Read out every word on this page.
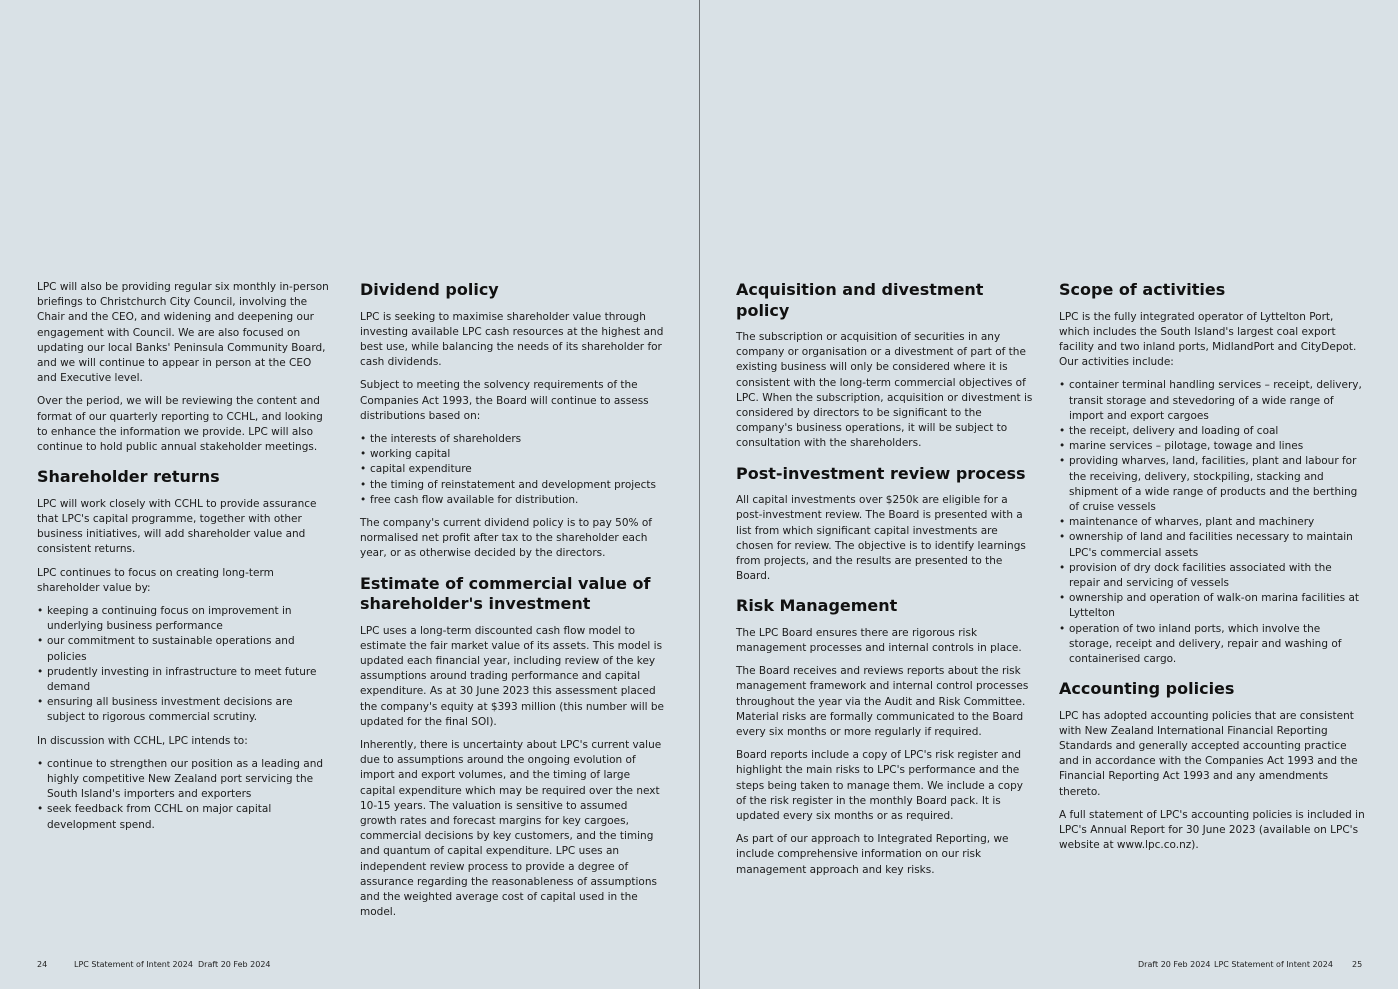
LPC will also be providing regular six monthly in-person briefings to Christchurch City Council, involving the Chair and the CEO, and widening and deepening our engagement with Council. We are also focused on updating our local Banks' Peninsula Community Board, and we will continue to appear in person at the CEO and Executive level.

Over the period, we will be reviewing the content and format of our quarterly reporting to CCHL, and looking to enhance the information we provide. LPC will also continue to hold public annual stakeholder meetings.

Shareholder returns

LPC will work closely with CCHL to provide assurance that LPC's capital programme, together with other business initiatives, will add shareholder value and consistent returns.

LPC continues to focus on creating long-term shareholder value by:

• keeping a continuing focus on improvement in underlying business performance
• our commitment to sustainable operations and policies
• prudently investing in infrastructure to meet future demand
• ensuring all business investment decisions are subject to rigorous commercial scrutiny.

In discussion with CCHL, LPC intends to:

• continue to strengthen our position as a leading and highly competitive New Zealand port servicing the South Island's importers and exporters
• seek feedback from CCHL on major capital development spend.
Dividend policy

LPC is seeking to maximise shareholder value through investing available LPC cash resources at the highest and best use, while balancing the needs of its shareholder for cash dividends.

Subject to meeting the solvency requirements of the Companies Act 1993, the Board will continue to assess distributions based on:

• the interests of shareholders
• working capital
• capital expenditure
• the timing of reinstatement and development projects
• free cash flow available for distribution.

The company's current dividend policy is to pay 50% of normalised net profit after tax to the shareholder each year, or as otherwise decided by the directors.

Estimate of commercial value of shareholder's investment

LPC uses a long-term discounted cash flow model to estimate the fair market value of its assets. This model is updated each financial year, including review of the key assumptions around trading performance and capital expenditure. As at 30 June 2023 this assessment placed the company's equity at $393 million (this number will be updated for the final SOI).

Inherently, there is uncertainty about LPC's current value due to assumptions around the ongoing evolution of import and export volumes, and the timing of large capital expenditure which may be required over the next 10-15 years. The valuation is sensitive to assumed growth rates and forecast margins for key cargoes, commercial decisions by key customers, and the timing and quantum of capital expenditure. LPC uses an independent review process to provide a degree of assurance regarding the reasonableness of assumptions and the weighted average cost of capital used in the model.

24	LPC Statement of Intent 2024 Draft 20 Feb 2024
Acquisition and divestment policy

The subscription or acquisition of securities in any company or organisation or a divestment of part of the existing business will only be considered where it is consistent with the long-term commercial objectives of LPC. When the subscription, acquisition or divestment is considered by directors to be significant to the company's business operations, it will be subject to consultation with the shareholders.

Post-investment review process

All capital investments over $250k are eligible for a post-investment review. The Board is presented with a list from which significant capital investments are chosen for review. The objective is to identify learnings from projects, and the results are presented to the Board.

Risk Management

The LPC Board ensures there are rigorous risk management processes and internal controls in place.

The Board receives and reviews reports about the risk management framework and internal control processes throughout the year via the Audit and Risk Committee. Material risks are formally communicated to the Board every six months or more regularly if required.

Board reports include a copy of LPC's risk register and highlight the main risks to LPC's performance and the steps being taken to manage them. We include a copy of the risk register in the monthly Board pack. It is updated every six months or as required.

As part of our approach to Integrated Reporting, we include comprehensive information on our risk management approach and key risks.

Scope of activities

LPC is the fully integrated operator of Lyttelton Port, which includes the South Island's largest coal export facility and two inland ports, MidlandPort and CityDepot. Our activities include:

• container terminal handling services – receipt, delivery, transit storage and stevedoring of a wide range of import and export cargoes
• the receipt, delivery and loading of coal
• marine services – pilotage, towage and lines
• providing wharves, land, facilities, plant and labour for the receiving, delivery, stockpiling, stacking and shipment of a wide range of products and the berthing of cruise vessels
• maintenance of wharves, plant and machinery
• ownership of land and facilities necessary to maintain LPC's commercial assets
• provision of dry dock facilities associated with the repair and servicing of vessels
• ownership and operation of walk-on marina facilities at Lyttelton
• operation of two inland ports, which involve the storage, receipt and delivery, repair and washing of containerised cargo.
Accounting policies

LPC has adopted accounting policies that are consistent with New Zealand International Financial Reporting Standards and generally accepted accounting practice and in accordance with the Companies Act 1993 and the Financial Reporting Act 1993 and any amendments thereto.

A full statement of LPC's accounting policies is included in LPC's Annual Report for 30 June 2023 (available on LPC's website at www.lpc.co.nz).

Draft 20 Feb 2024 LPC Statement of Intent 2024 25
